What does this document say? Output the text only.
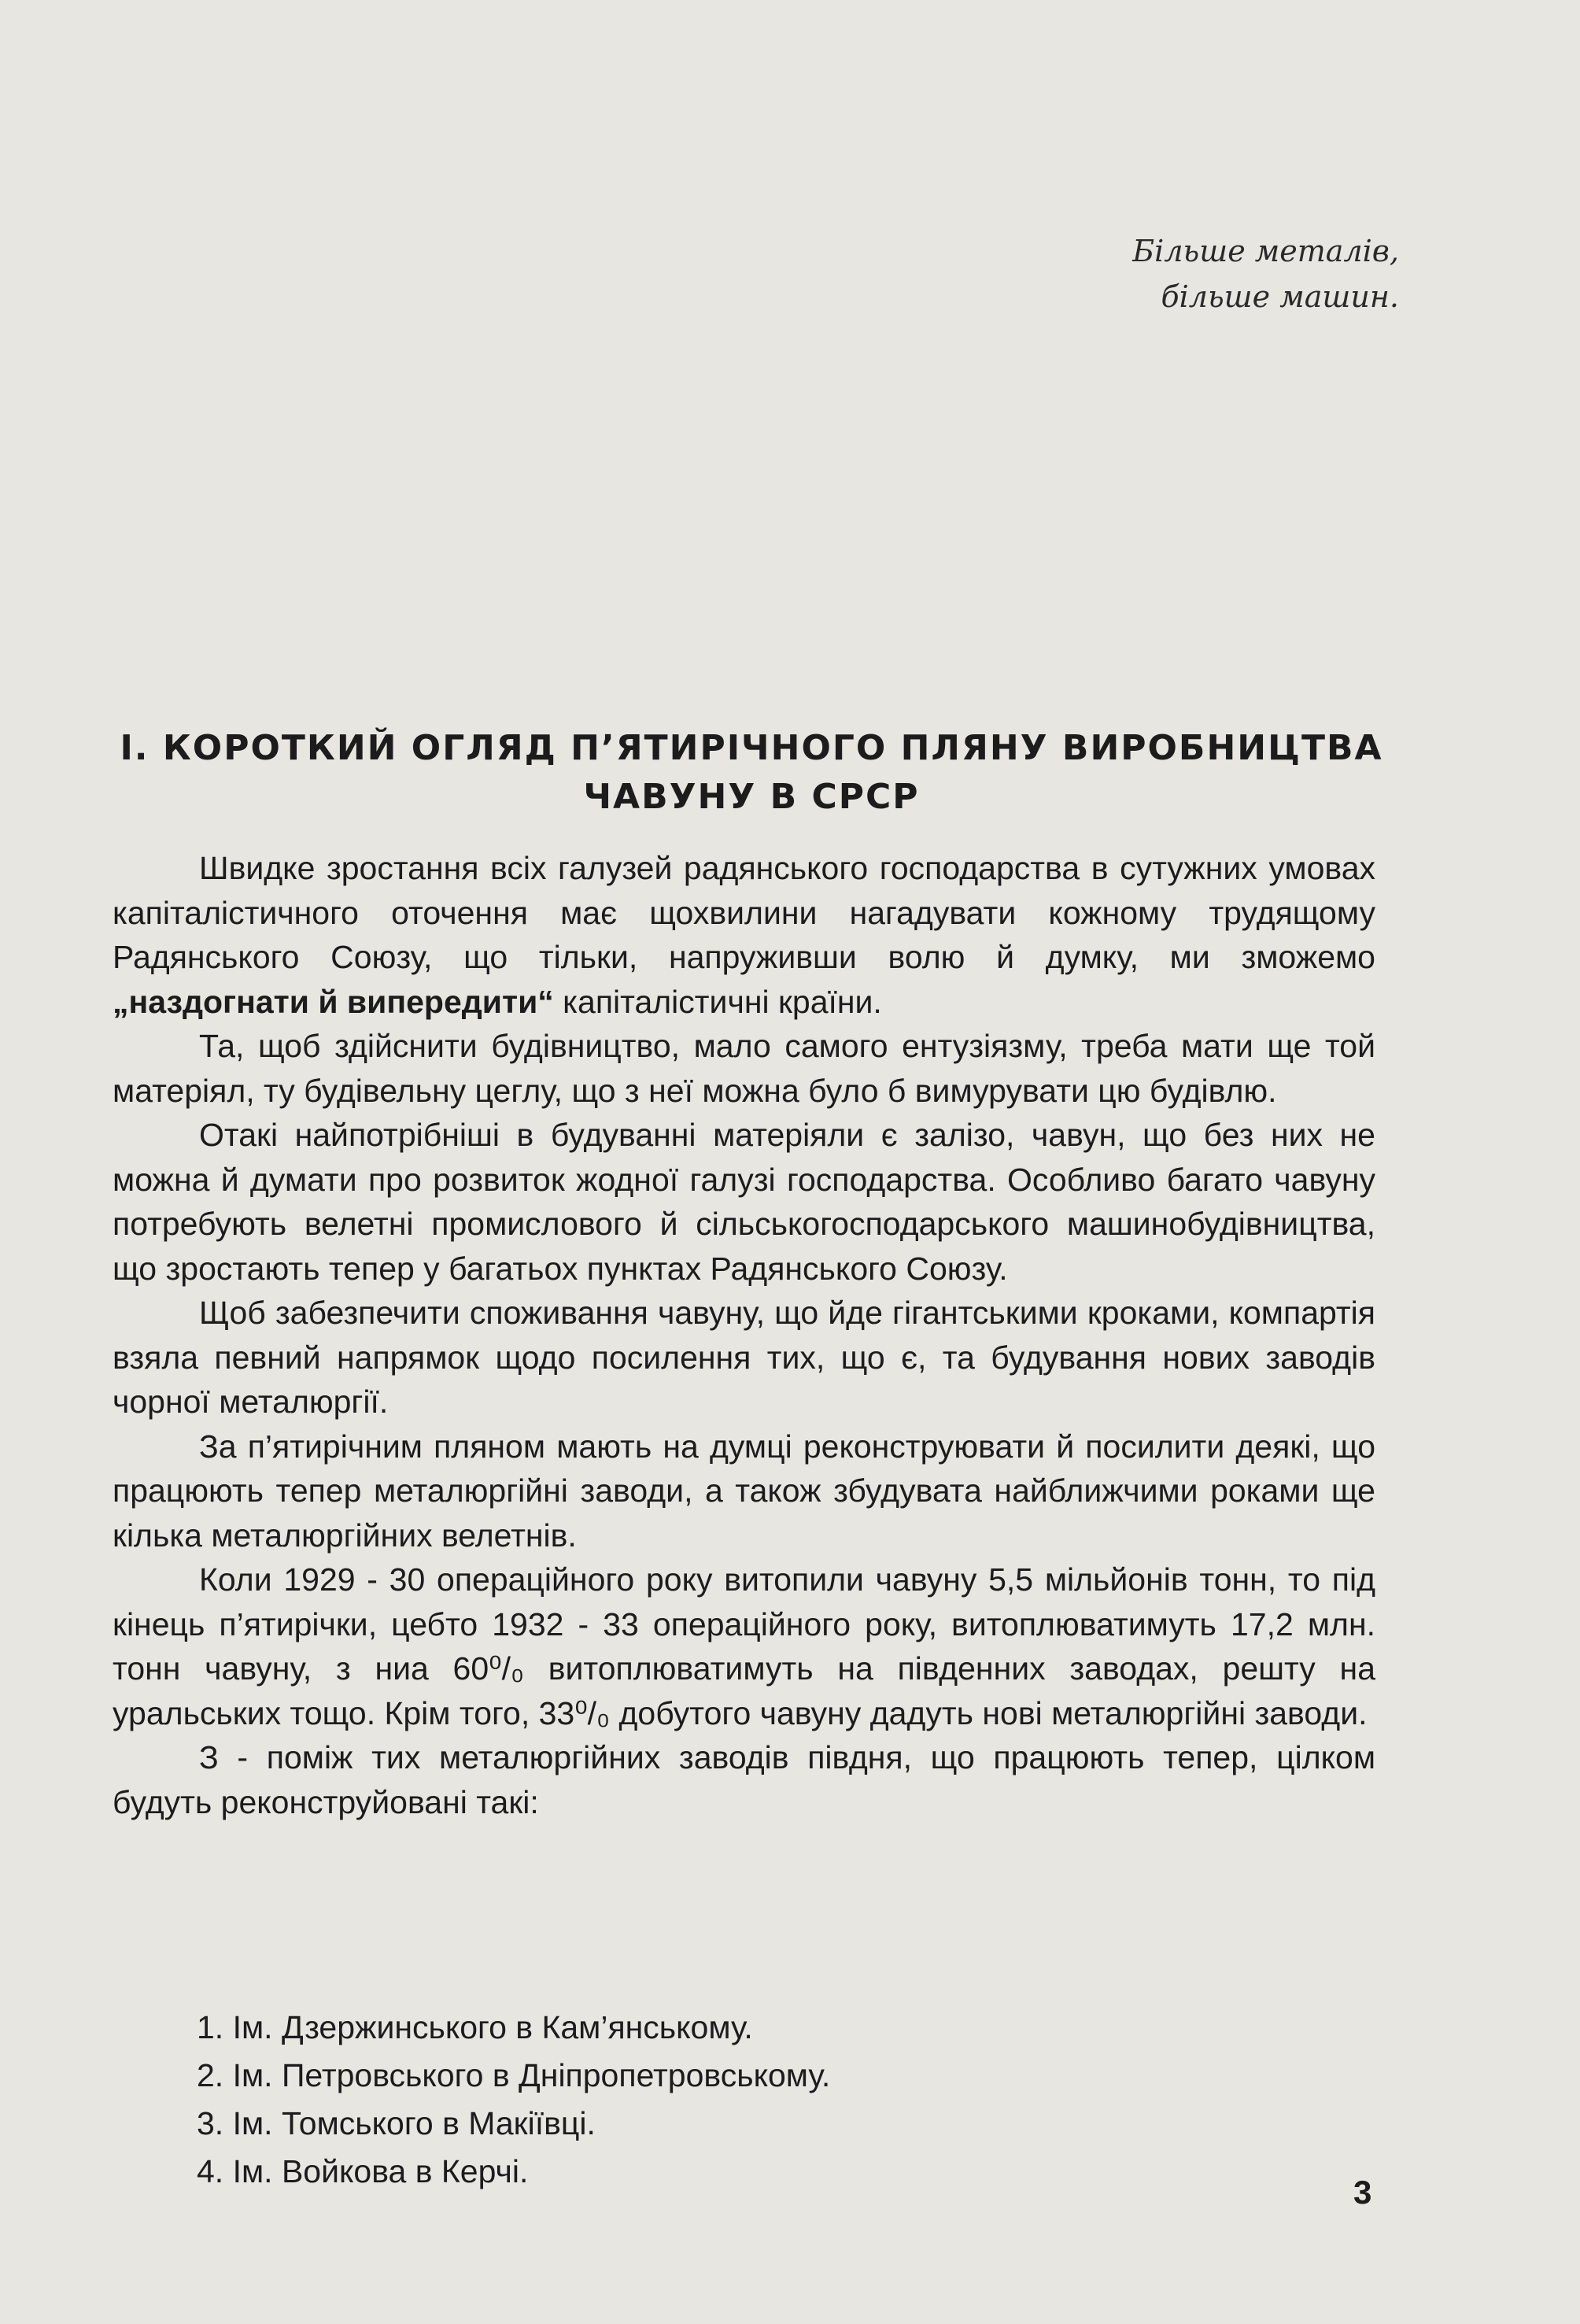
Більше металів,
більше машин.
І. КОРОТКИЙ ОГЛЯД П’ЯТИРІЧНОГО ПЛЯНУ ВИРОБНИЦТВА
ЧАВУНУ В СРСР

Швидке зростання всіх галузей радянського господарства в сутужних умовах капіталістичного оточення має щохвилини нагадувати кожному трудящому Радянського Союзу, що тільки, напруживши волю й думку, ми зможемо „наздогнати й випередити“ капіталістичні країни.

Та, щоб здійснити будівництво, мало самого ентузіязму, треба мати ще той матеріял, ту будівельну цеглу, що з неї можна було б вимурувати цю будівлю.

Отакі найпотрібніші в будуванні матеріяли є залізо, чавун, що без них не можна й думати про розвиток жодної галузі господарства. Особливо багато чавуну потребують велетні промислового й сільськогосподарського машинобудівництва, що зростають тепер у багатьох пунктах Радянського Союзу.

Щоб забезпечити споживання чавуну, що йде гігантськими кроками, компартія взяла певний напрямок щодо посилення тих, що є, та будування нових заводів чорної металюргії.

За п’ятирічним пляном мають на думці реконструювати й посилити деякі, що працюють тепер металюргійні заводи, а також збудувата найближчими роками ще кілька металюргійних велетнів.

Коли 1929 - 30 операційного року витопили чавуну 5,5 мільйонів тонн, то під кінець п’ятирічки, цебто 1932 - 33 операційного року, витоплюватимуть 17,2 млн. тонн чавуну, з ниа 60⁰/₀ витоплюватимуть на південних заводах, решту на уральських тощо. Крім того, 33⁰/₀ добутого чавуну дадуть нові металюргійні заводи.

З - поміж тих металюргійних заводів півдня, що працюють тепер, цілком будуть реконструйовані такі:

1. Ім. Дзержинського в Кам’янському.
2. Ім. Петровського в Дніпропетровському.
3. Ім. Томського в Макіївці.
4. Ім. Войкова в Керчі.
3
